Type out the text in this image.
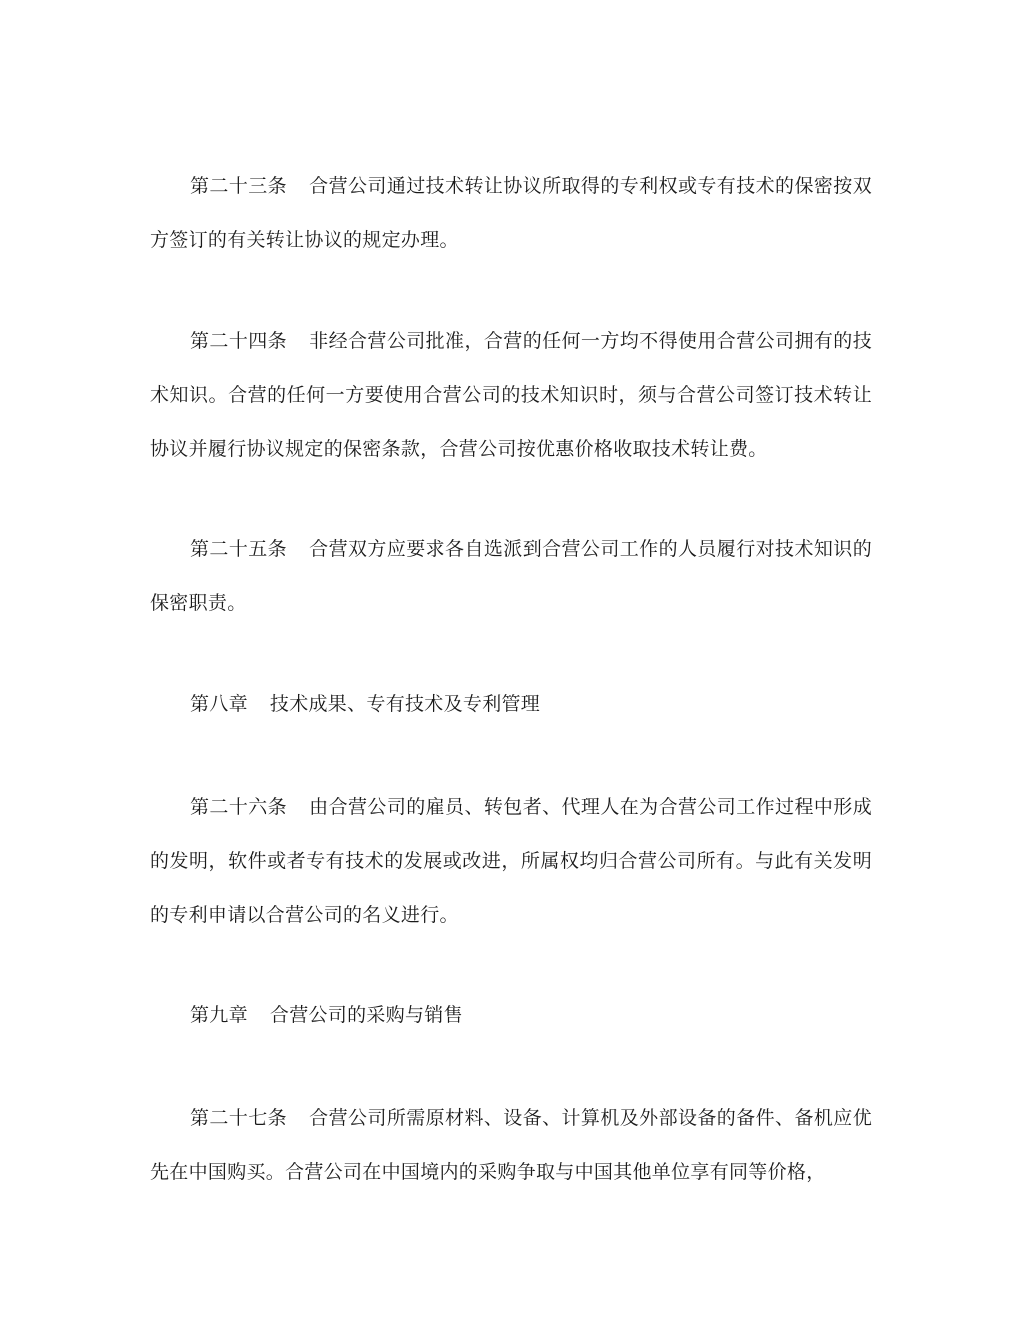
第二十三条 合营公司通过技术转让协议所取得的专利权或专有技术的保密按双方签订的有关转让协议的规定办理。

第二十四条 非经合营公司批准，合营的任何一方均不得使用合营公司拥有的技术知识。合营的任何一方要使用合营公司的技术知识时，须与合营公司签订技术转让协议并履行协议规定的保密条款，合营公司按优惠价格收取技术转让费。

第二十五条 合营双方应要求各自选派到合营公司工作的人员履行对技术知识的保密职责。

第八章 技术成果、专有技术及专利管理

第二十六条 由合营公司的雇员、转包者、代理人在为合营公司工作过程中形成的发明，软件或者专有技术的发展或改进，所属权均归合营公司所有。与此有关发明的专利申请以合营公司的名义进行。

第九章 合营公司的采购与销售

第二十七条 合营公司所需原材料、设备、计算机及外部设备的备件、备机应优先在中国购买。合营公司在中国境内的采购争取与中国其他单位享有同等价格，
